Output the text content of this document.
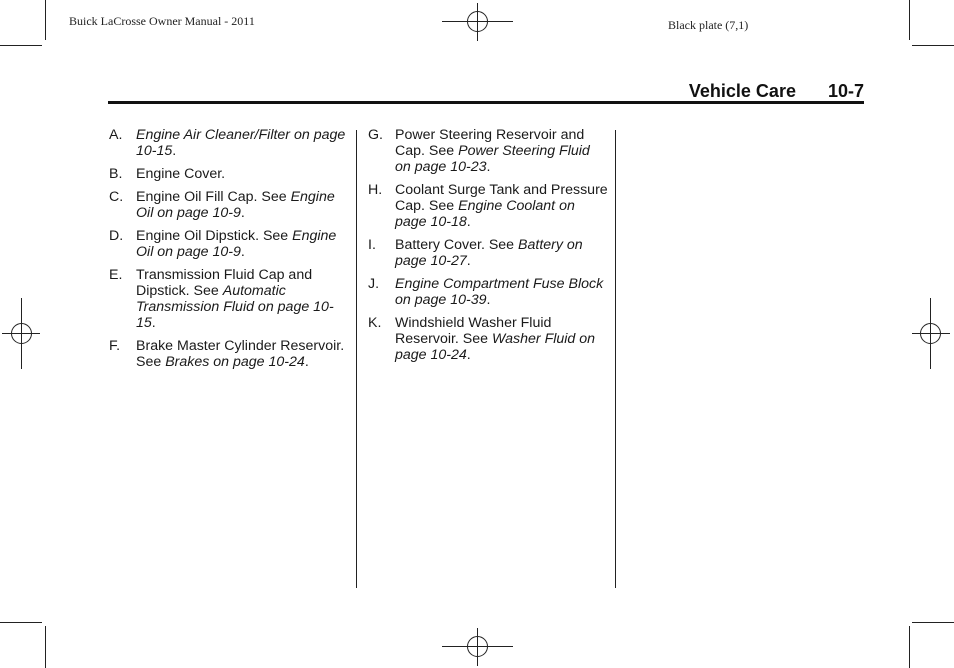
Buick LaCrosse Owner Manual - 2011	Black plate (7,1)
Vehicle Care 10-7
A. Engine Air Cleaner/Filter on page 10-15.
B. Engine Cover.
C. Engine Oil Fill Cap. See Engine Oil on page 10-9.
D. Engine Oil Dipstick. See Engine Oil on page 10-9.
E. Transmission Fluid Cap and Dipstick. See Automatic Transmission Fluid on page 10-15.
F.	Brake Master Cylinder Reservoir. See Brakes on page 10-24.
G. Power Steering Reservoir and Cap. See Power Steering Fluid on page 10-23.
H. Coolant Surge Tank and Pressure Cap. See Engine Coolant on page 10-18.
I.	Battery Cover. See Battery on page 10-27.
J.	Engine Compartment Fuse Block on page 10-39.
K. Windshield Washer Fluid Reservoir. See Washer Fluid on page 10-24.
